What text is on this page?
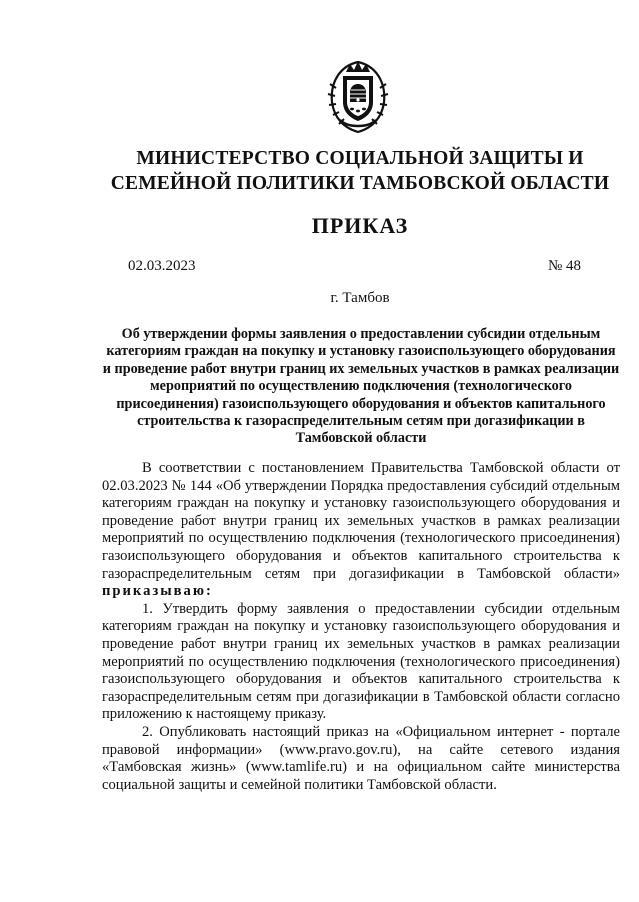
МИНИСТЕРСТВО СОЦИАЛЬНОЙ ЗАЩИТЫ И
СЕМЕЙНОЙ ПОЛИТИКИ ТАМБОВСКОЙ ОБЛАСТИ
ПРИКАЗ
02.03.2023	№ 48
г. Тамбов
Об утверждении формы заявления о предоставлении субсидии отдельным категориям граждан на покупку и установку газоиспользующего оборудования и проведение работ внутри границ их земельных участков в рамках реализации мероприятий по осуществлению подключения (технологического присоединения) газоиспользующего оборудования и объектов капитального строительства к газораспределительным сетям при догазификации в Тамбовской области

В соответствии с постановлением Правительства Тамбовской области от 02.03.2023 № 144 «Об утверждении Порядка предоставления субсидий отдельным категориям граждан на покупку и установку газоиспользующего оборудования и проведение работ внутри границ их земельных участков в рамках реализации мероприятий по осуществлению подключения (технологического присоединения) газоиспользующего оборудования и объектов капитального строительства к газораспределительным сетям при догазификации в Тамбовской области» приказываю:

1. Утвердить форму заявления о предоставлении субсидии отдельным категориям граждан на покупку и установку газоиспользующего оборудования и проведение работ внутри границ их земельных участков в рамках реализации мероприятий по осуществлению подключения (технологического присоединения) газоиспользующего оборудования и объектов капитального строительства к газораспределительным сетям при догазификации в Тамбовской области согласно приложению к настоящему приказу.

2. Опубликовать настоящий приказ на «Официальном интернет - портале правовой информации» (www.pravo.gov.ru), на сайте сетевого издания «Тамбовская жизнь» (www.tamlife.ru) и на официальном сайте министерства социальной защиты и семейной политики Тамбовской области.
